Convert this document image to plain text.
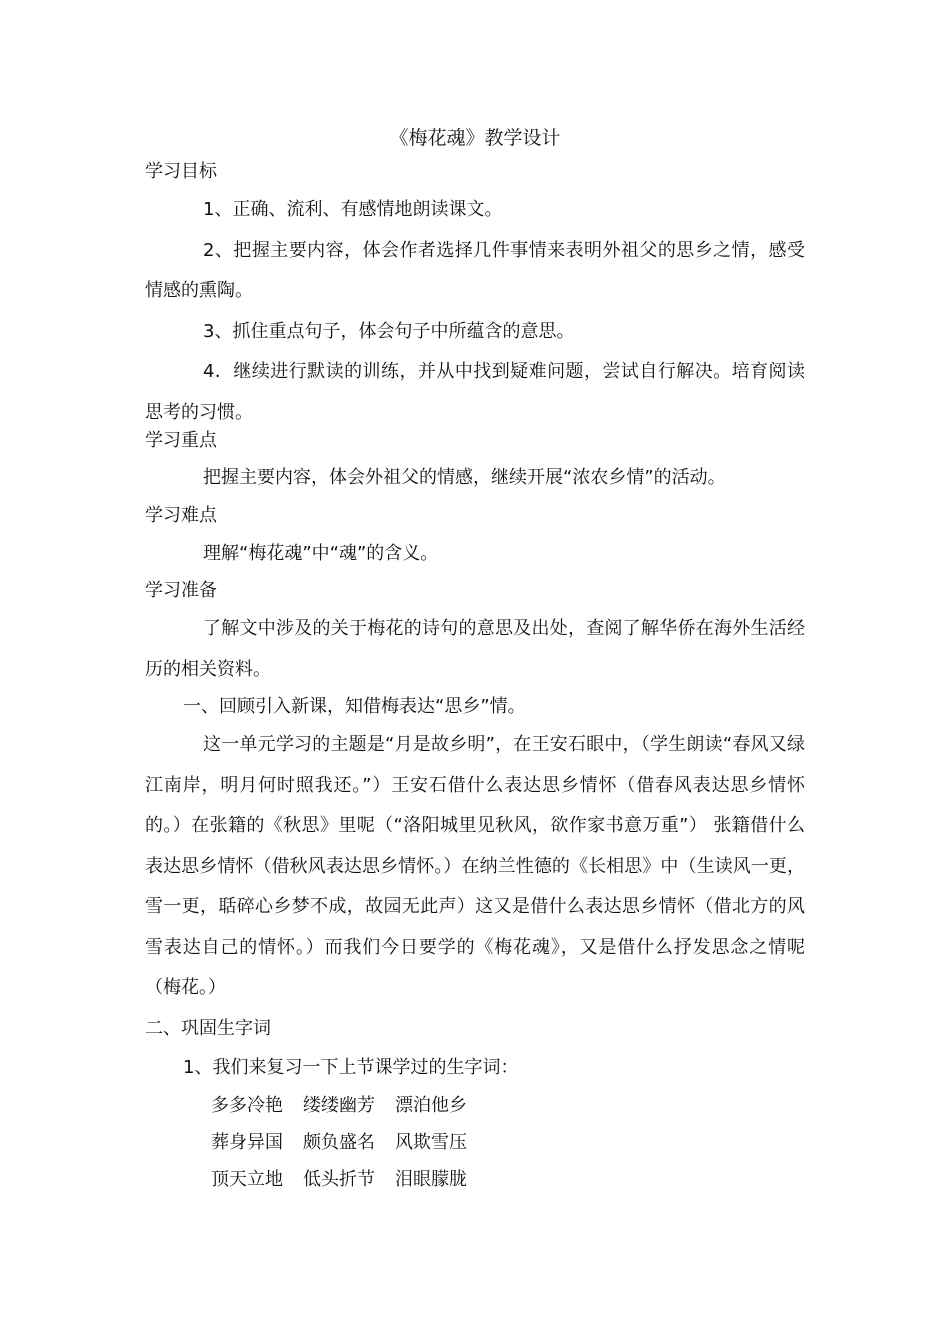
《梅花魂》教学设计
学习目标

1、正确、流利、有感情地朗读课文。

2、把握主要内容，体会作者选择几件事情来表明外祖父的思乡之情，感受情感的熏陶。

3、抓住重点句子，体会句子中所蕴含的意思。

4．继续进行默读的训练，并从中找到疑难问题，尝试自行解决。培育阅读思考的习惯。

学习重点

把握主要内容，体会外祖父的情感，继续开展“浓农乡情”的活动。

学习难点

理解“梅花魂”中“魂”的含义。

学习准备

了解文中涉及的关于梅花的诗句的意思及出处，查阅了解华侨在海外生活经历的相关资料。

一、回顾引入新课，知借梅表达“思乡”情。

这一单元学习的主题是“月是故乡明”，在王安石眼中，（学生朗读“春风又绿江南岸，明月何时照我还。”）王安石借什么表达思乡情怀（借春风表达思乡情怀的。）在张籍的《秋思》里呢（“洛阳城里见秋风，欲作家书意万重”） 张籍借什么表达思乡情怀（借秋风表达思乡情怀。）在纳兰性德的《长相思》中（生读风一更，雪一更，聒碎心乡梦不成，故园无此声）这又是借什么表达思乡情怀（借北方的风雪表达自己的情怀。）而我们今日要学的《梅花魂》，又是借什么抒发思念之情呢（梅花。）

二、巩固生字词
1、我们来复习一下上节课学过的生字词：
多多冷艳 缕缕幽芳 漂泊他乡
葬身异国 颇负盛名 风欺雪压
顶天立地 低头折节 泪眼朦胧
